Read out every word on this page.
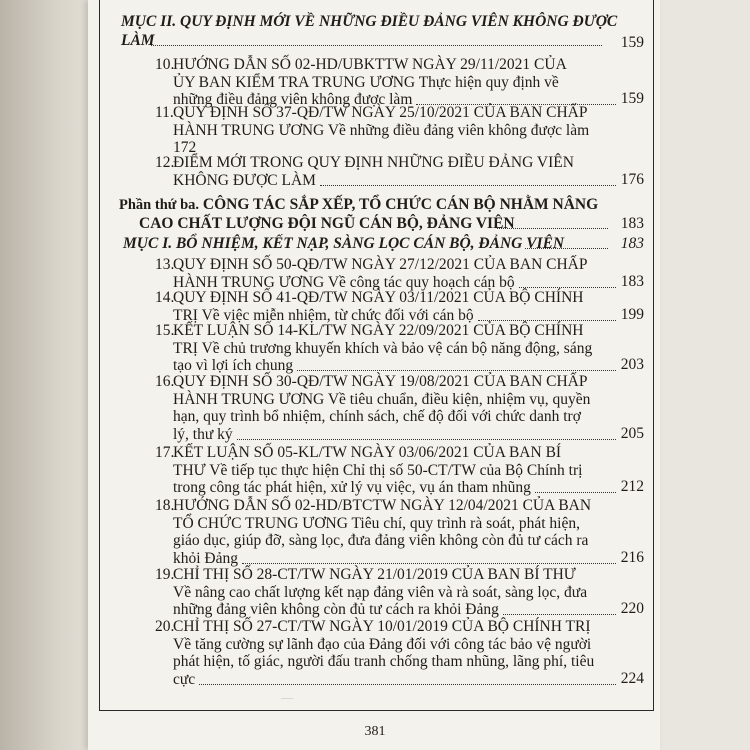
MỤC II. QUY ĐỊNH MỚI VỀ NHỮNG ĐIỀU ĐẢNG VIÊN KHÔNG ĐƯỢC
LÀM	159
10.
HƯỚNG DẪN SỐ 02-HD/UBKTTW NGÀY 29/11/2021 CỦA
ỦY BAN KIỂM TRA TRUNG ƯƠNG Thực hiện quy định về
những điều đảng viên không được làm	159
11. QUY ĐỊNH SỐ 37-QĐ/TW NGÀY 25/10/2021 CỦA BAN CHẤP
HÀNH TRUNG ƯƠNG Về những điều đảng viên không được làm
172
12.
ĐIỂM MỚI TRONG QUY ĐỊNH NHỮNG ĐIỀU ĐẢNG VIÊN
KHÔNG ĐƯỢC LÀM	176
Phần thứ ba. CÔNG TÁC SẮP XẾP, TỔ CHỨC CÁN BỘ NHẰM NÂNG
CAO CHẤT LƯỢNG ĐỘI NGŨ CÁN BỘ, ĐẢNG VIÊN	183
MỤC I. BỔ NHIỆM, KẾT NẠP, SÀNG LỌC CÁN BỘ, ĐẢNG VIÊN	183
13.
QUY ĐỊNH SỐ 50-QĐ/TW NGÀY 27/12/2021 CỦA BAN CHẤP
HÀNH TRUNG ƯƠNG Về công tác quy hoạch cán bộ	183
14.
QUY ĐỊNH SỐ 41-QĐ/TW NGÀY 03/11/2021 CỦA BỘ CHÍNH
TRỊ Về việc miễn nhiệm, từ chức đối với cán bộ	199
15.
KẾT LUẬN SỐ 14-KL/TW NGÀY 22/09/2021 CỦA BỘ CHÍNH
TRỊ Về chủ trương khuyến khích và bảo vệ cán bộ năng động, sáng
tạo vì lợi ích chung	203
16.
QUY ĐỊNH SỐ 30-QĐ/TW NGÀY 19/08/2021 CỦA BAN CHẤP
HÀNH TRUNG ƯƠNG Về tiêu chuẩn, điều kiện, nhiệm vụ, quyền
hạn, quy trình bổ nhiệm, chính sách, chế độ đối với chức danh trợ
lý, thư ký	205
17.
KẾT LUẬN SỐ 05-KL/TW NGÀY 03/06/2021 CỦA BAN BÍ
THƯ Về tiếp tục thực hiện Chỉ thị số 50-CT/TW của Bộ Chính trị
trong công tác phát hiện, xử lý vụ việc, vụ án tham nhũng	212
18.
HƯỚNG DẪN SỐ 02-HD/BTCTW NGÀY 12/04/2021 CỦA BAN
TỔ CHỨC TRUNG ƯƠNG Tiêu chí, quy trình rà soát, phát hiện,
giáo dục, giúp đỡ, sàng lọc, đưa đảng viên không còn đủ tư cách ra
khỏi Đảng	216
19.
CHỈ THỊ SỐ 28-CT/TW NGÀY 21/01/2019 CỦA BAN BÍ THƯ
Về nâng cao chất lượng kết nạp đảng viên và rà soát, sàng lọc, đưa
những đảng viên không còn đủ tư cách ra khỏi Đảng	220
20.
CHỈ THỊ SỐ 27-CT/TW NGÀY 10/01/2019 CỦA BỘ CHÍNH TRỊ
Về tăng cường sự lãnh đạo của Đảng đối với công tác bảo vệ người
phát hiện, tố giác, người đấu tranh chống tham nhũng, lãng phí, tiêu
cực	224
—
381
